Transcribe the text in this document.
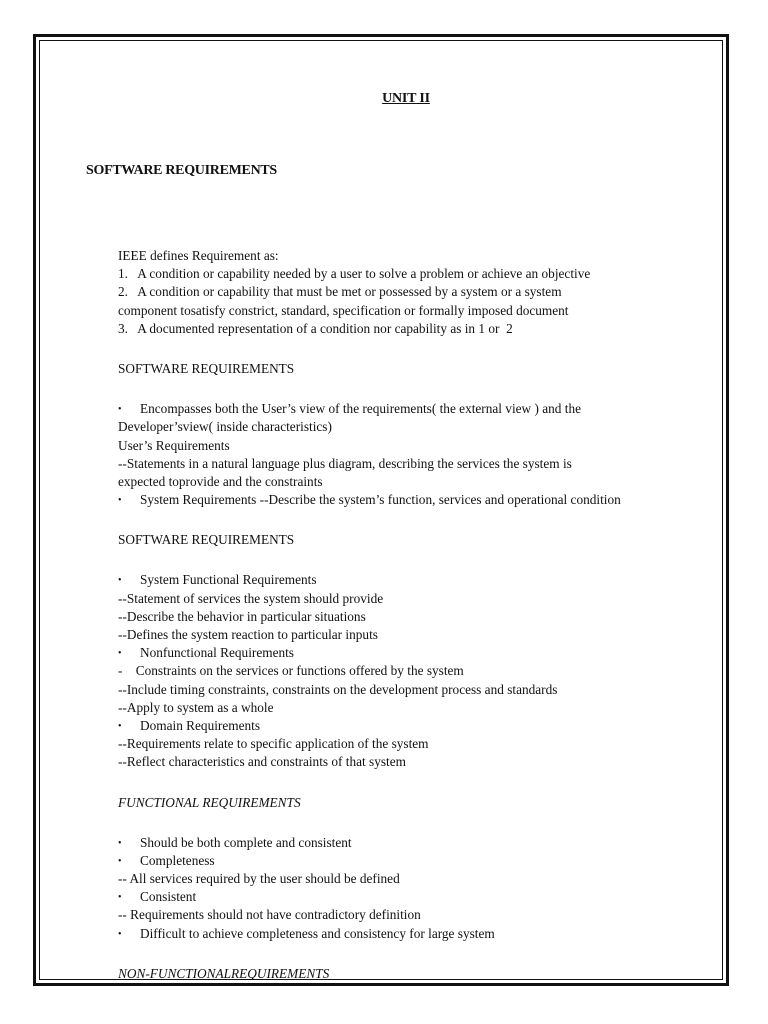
UNIT II
SOFTWARE REQUIREMENTS
IEEE defines Requirement as:
1.   A condition or capability needed by a user to solve a problem or achieve an objective
2.   A condition or capability that must be met or possessed by a system or a system
component tosatisfy constrict, standard, specification or formally imposed document
3.   A documented representation of a condition nor capability as in 1 or  2
SOFTWARE REQUIREMENTS
• Encompasses both the User’s view of the requirements( the external view ) and the
Developer’sview( inside characteristics)
User’s Requirements
--Statements in a natural language plus diagram, describing the services the system is
expected toprovide and the constraints
• System Requirements --Describe the system’s function, services and operational condition
SOFTWARE REQUIREMENTS
• System Functional Requirements
--Statement of services the system should provide
--Describe the behavior in particular situations
--Defines the system reaction to particular inputs
• Nonfunctional Requirements
-    Constraints on the services or functions offered by the system
--Include timing constraints, constraints on the development process and standards
--Apply to system as a whole
• Domain Requirements
--Requirements relate to specific application of the system
--Reflect characteristics and constraints of that system
FUNCTIONAL REQUIREMENTS
• Should be both complete and consistent
• Completeness
-- All services required by the user should be defined
• Consistent
-- Requirements should not have contradictory definition
• Difficult to achieve completeness and consistency for large system
NON-FUNCTIONALREQUIREMENTS
